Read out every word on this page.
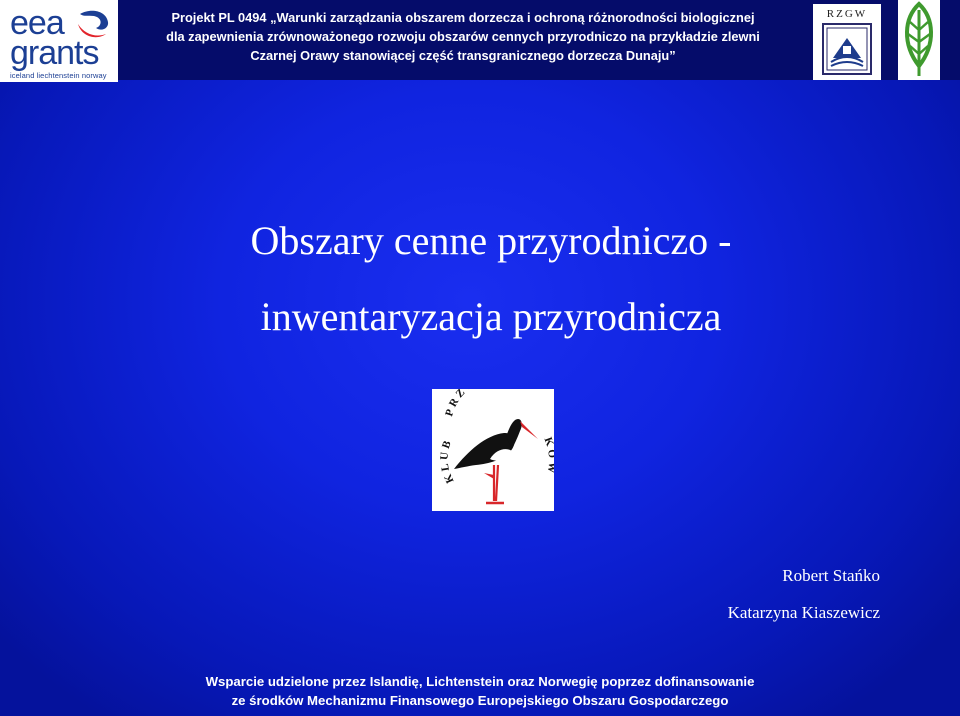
eea
grants
iceland liechtenstein norway
Projekt PL 0494 „Warunki zarządzania obszarem dorzecza i ochroną różnorodności biologicznej
dla zapewnienia zrównoważonego rozwoju obszarów cennych przyrodniczo na przykładzie zlewni
Czarnej Orawy stanowiącej część transgranicznego dorzecza Dunaju”
RZGW
Obszary cenne przyrodniczo -
inwentaryzacja przyrodnicza
KLUB
PRZ
Robert Stańko
Katarzyna Kiaszewicz
Wsparcie udzielone przez Islandię, Lichtenstein oraz Norwegię poprzez dofinansowanie
ze środków Mechanizmu Finansowego Europejskiego Obszaru Gospodarczego
